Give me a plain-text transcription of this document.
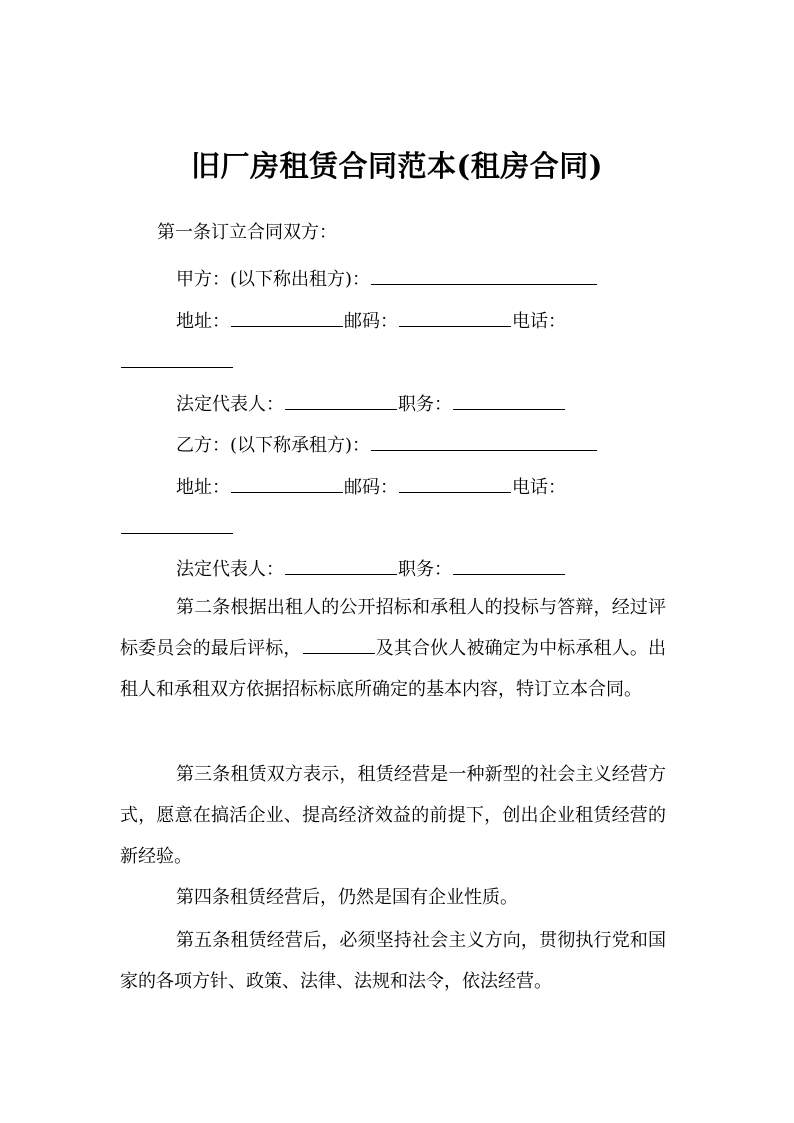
旧厂房租赁合同范本(租房合同)
第一条订立合同双方：
甲方：(以下称出租方)：
地址：	邮码：	电话：
法定代表人：	职务：
乙方：(以下称承租方)：
地址：	邮码：	电话：
法定代表人：	职务：

第二条根据出租人的公开招标和承租人的投标与答辩，经过评标委员会的最后评标，	及其合伙人被确定为中标承租人。出租人和承租双方依据招标标底所确定的基本内容，特订立本合同。

第三条租赁双方表示，租赁经营是一种新型的社会主义经营方式，愿意在搞活企业、提高经济效益的前提下，创出企业租赁经营的新经验。

第四条租赁经营后，仍然是国有企业性质。

第五条租赁经营后，必须坚持社会主义方向，贯彻执行党和国家的各项方针、政策、法律、法规和法令，依法经营。
